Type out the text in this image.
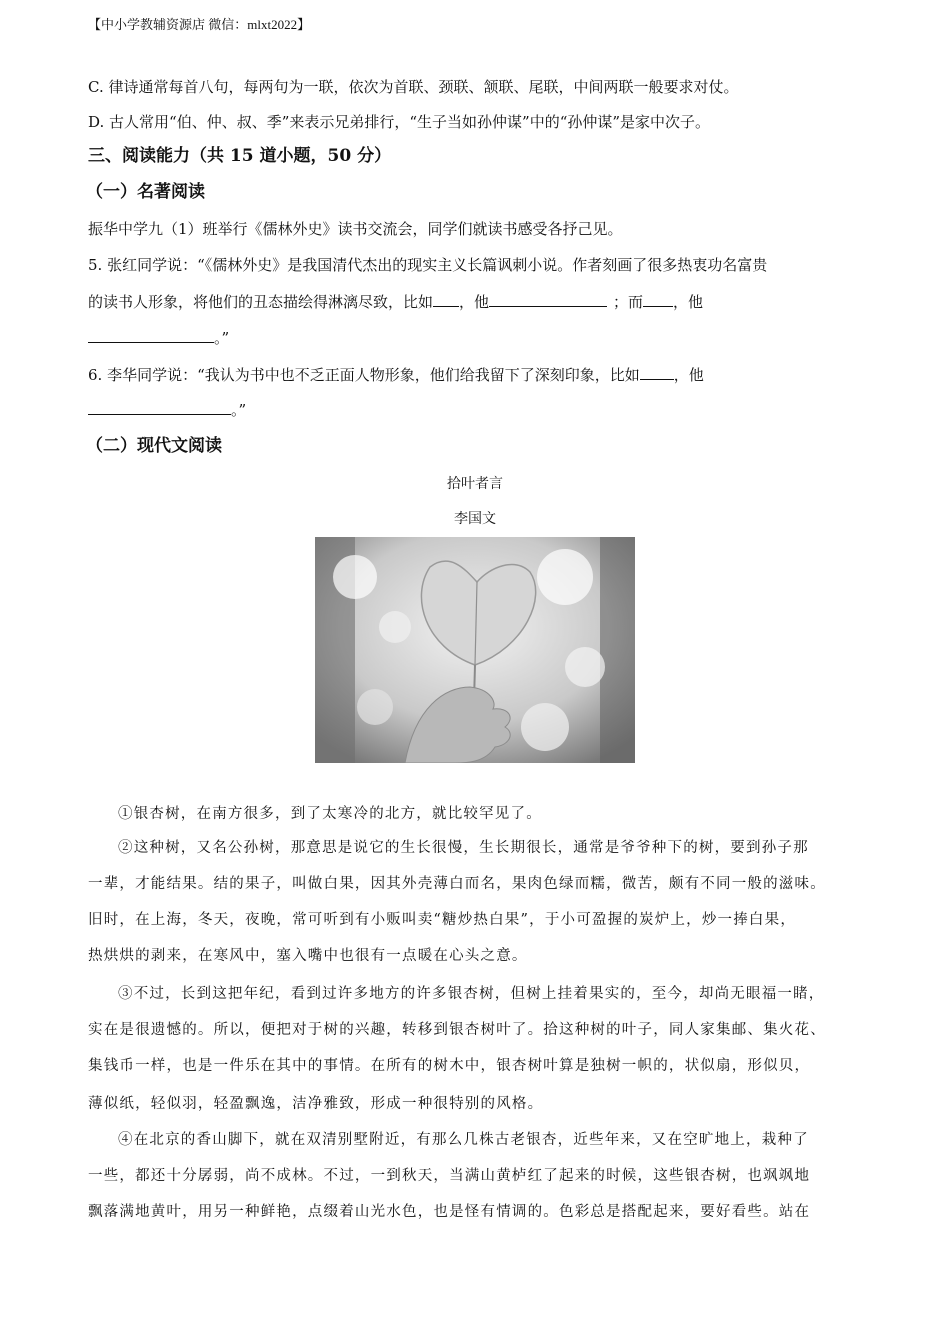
【中小学教辅资源店 微信：mlxt2022】
C. 律诗通常每首八句，每两句为一联，依次为首联、颈联、颔联、尾联，中间两联一般要求对仗。
D. 古人常用“伯、仲、叔、季”来表示兄弟排行，“生子当如孙仲谋”中的“孙仲谋”是家中次子。
三、阅读能力（共 15 道小题，50 分）
（一）名著阅读
振华中学九（1）班举行《儒林外史》读书交流会，同学们就读书感受各抒己见。
5. 张红同学说：“《儒林外史》是我国清代杰出的现实主义长篇讽刺小说。作者刻画了很多热衷功名富贵
的读书人形象，将他们的丑态描绘得淋漓尽致，比如 ，他	；而 ，他
。”
6. 李华同学说：“我认为书中也不乏正面人物形象，他们给我留下了深刻印象，比如 ，他
。”
（二）现代文阅读
拾叶者言
李国文
①银杏树，在南方很多，到了太寒冷的北方，就比较罕见了。
②这种树，又名公孙树，那意思是说它的生长很慢，生长期很长，通常是爷爷种下的树，要到孙子那
一辈，才能结果。结的果子，叫做白果，因其外壳薄白而名，果肉色绿而糯，微苦，颇有不同一般的滋味。
旧时，在上海，冬天，夜晚，常可听到有小贩叫卖“糖炒热白果”，于小可盈握的炭炉上，炒一捧白果，
热烘烘的剥来，在寒风中，塞入嘴中也很有一点暖在心头之意。
③不过，长到这把年纪，看到过许多地方的许多银杏树，但树上挂着果实的，至今，却尚无眼福一睹，
实在是很遗憾的。所以，便把对于树的兴趣，转移到银杏树叶了。拾这种树的叶子，同人家集邮、集火花、
集钱币一样，也是一件乐在其中的事情。在所有的树木中，银杏树叶算是独树一帜的，状似扇，形似贝，
薄似纸，轻似羽，轻盈飘逸，洁净雅致，形成一种很特别的风格。
④在北京的香山脚下，就在双清别墅附近，有那么几株古老银杏，近些年来，又在空旷地上，栽种了
一些，都还十分孱弱，尚不成林。不过，一到秋天，当满山黄栌红了起来的时候，这些银杏树，也飒飒地
飘落满地黄叶，用另一种鲜艳，点缀着山光水色，也是怪有情调的。色彩总是搭配起来，要好看些。站在
